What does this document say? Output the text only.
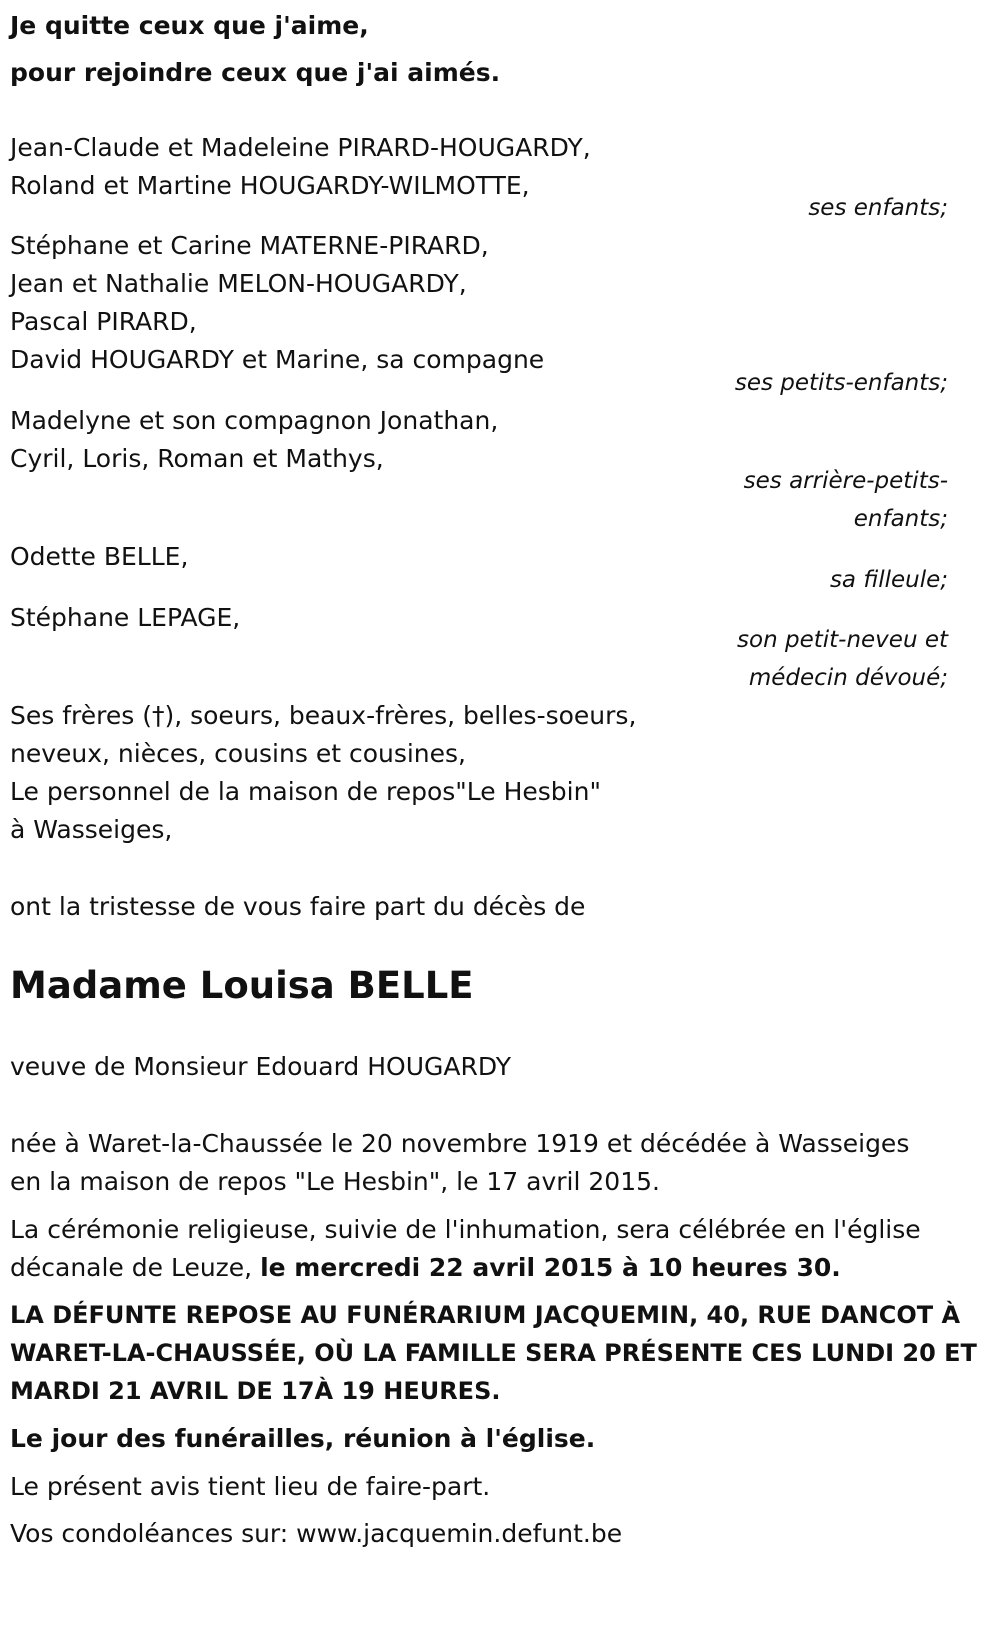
Je quitte ceux que j'aime,

pour rejoindre ceux que j'ai aimés.

Jean-Claude et Madeleine PIRARD-HOUGARDY,

Roland et Martine HOUGARDY-WILMOTTE,

ses enfants;

Stéphane et Carine MATERNE-PIRARD,

Jean et Nathalie MELON-HOUGARDY,

Pascal PIRARD,

David HOUGARDY et Marine, sa compagne

ses petits-enfants;

Madelyne et son compagnon Jonathan,

Cyril, Loris, Roman et Mathys,

ses arrière-petits-

enfants;

Odette BELLE,

sa filleule;

Stéphane LEPAGE,

son petit-neveu et

médecin dévoué;

Ses frères (†), soeurs, beaux-frères, belles-soeurs,

neveux, nièces, cousins et cousines,

Le personnel de la maison de repos"Le Hesbin"

à Wasseiges,

ont la tristesse de vous faire part du décès de

Madame Louisa BELLE

veuve de Monsieur Edouard HOUGARDY

née à Waret-la-Chaussée le 20 novembre 1919 et décédée à Wasseiges

en la maison de repos "Le Hesbin", le 17 avril 2015.

La cérémonie religieuse, suivie de l'inhumation, sera célébrée en l'église

décanale de Leuze, le mercredi 22 avril 2015 à 10 heures 30.

LA DÉFUNTE REPOSE AU FUNÉRARIUM JACQUEMIN, 40, RUE DANCOT À

WARET-LA-CHAUSSÉE, OÙ LA FAMILLE SERA PRÉSENTE CES LUNDI 20 ET

MARDI 21 AVRIL DE 17À 19 HEURES.

Le jour des funérailles, réunion à l'église.

Le présent avis tient lieu de faire-part.

Vos condoléances sur: www.jacquemin.defunt.be
